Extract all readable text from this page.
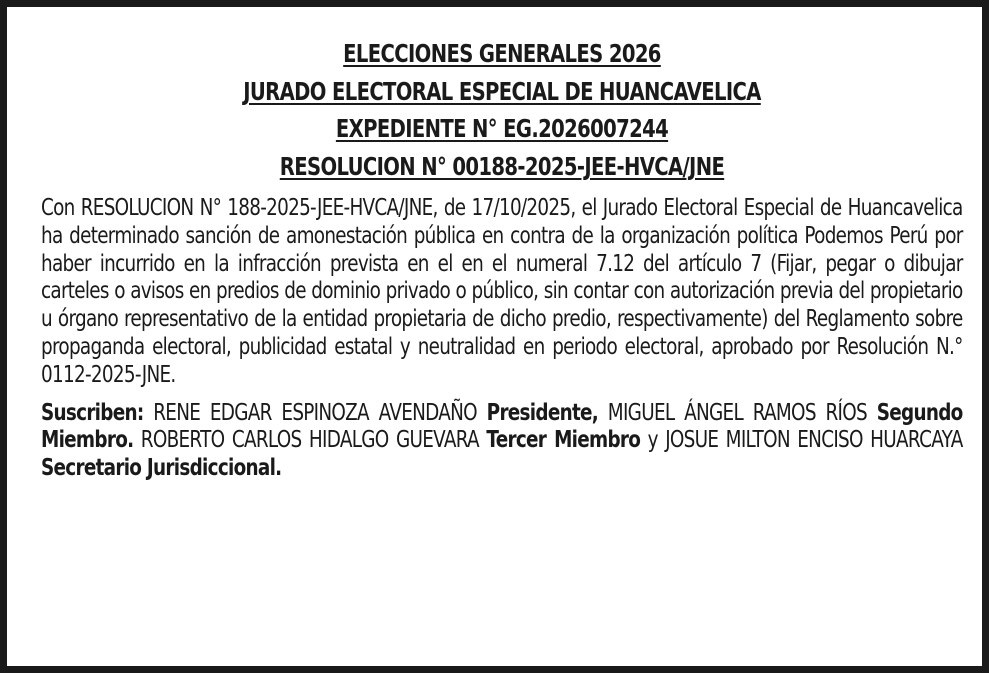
ELECCIONES GENERALES 2026
JURADO ELECTORAL ESPECIAL DE HUANCAVELICA
EXPEDIENTE N° EG.2026007244
RESOLUCION N° 00188-2025-JEE-HVCA/JNE

Con RESOLUCION N° 188-2025-JEE-HVCA/JNE, de 17/10/2025, el Jurado Electoral Especial de Huancavelica ha determinado sanción de amonestación pública en contra de la organización política Podemos Perú por haber incurrido en la infracción prevista en el en el numeral 7.12 del artículo 7 (Fijar, pegar o dibujar carteles o avisos en predios de dominio privado o público, sin contar con autorización previa del propietario u órgano representativo de la entidad propietaria de dicho predio, respectivamente) del Reglamento sobre propaganda electoral, publicidad estatal y neutralidad en periodo electoral, aprobado por Resolución N.° 0112-2025-JNE.

Suscriben: RENE EDGAR ESPINOZA AVENDAÑO Presidente, MIGUEL ÁNGEL RAMOS RÍOS Segundo Miembro. ROBERTO CARLOS HIDALGO GUEVARA Tercer Miembro y JOSUE MILTON ENCISO HUARCAYA Secretario Jurisdiccional.
